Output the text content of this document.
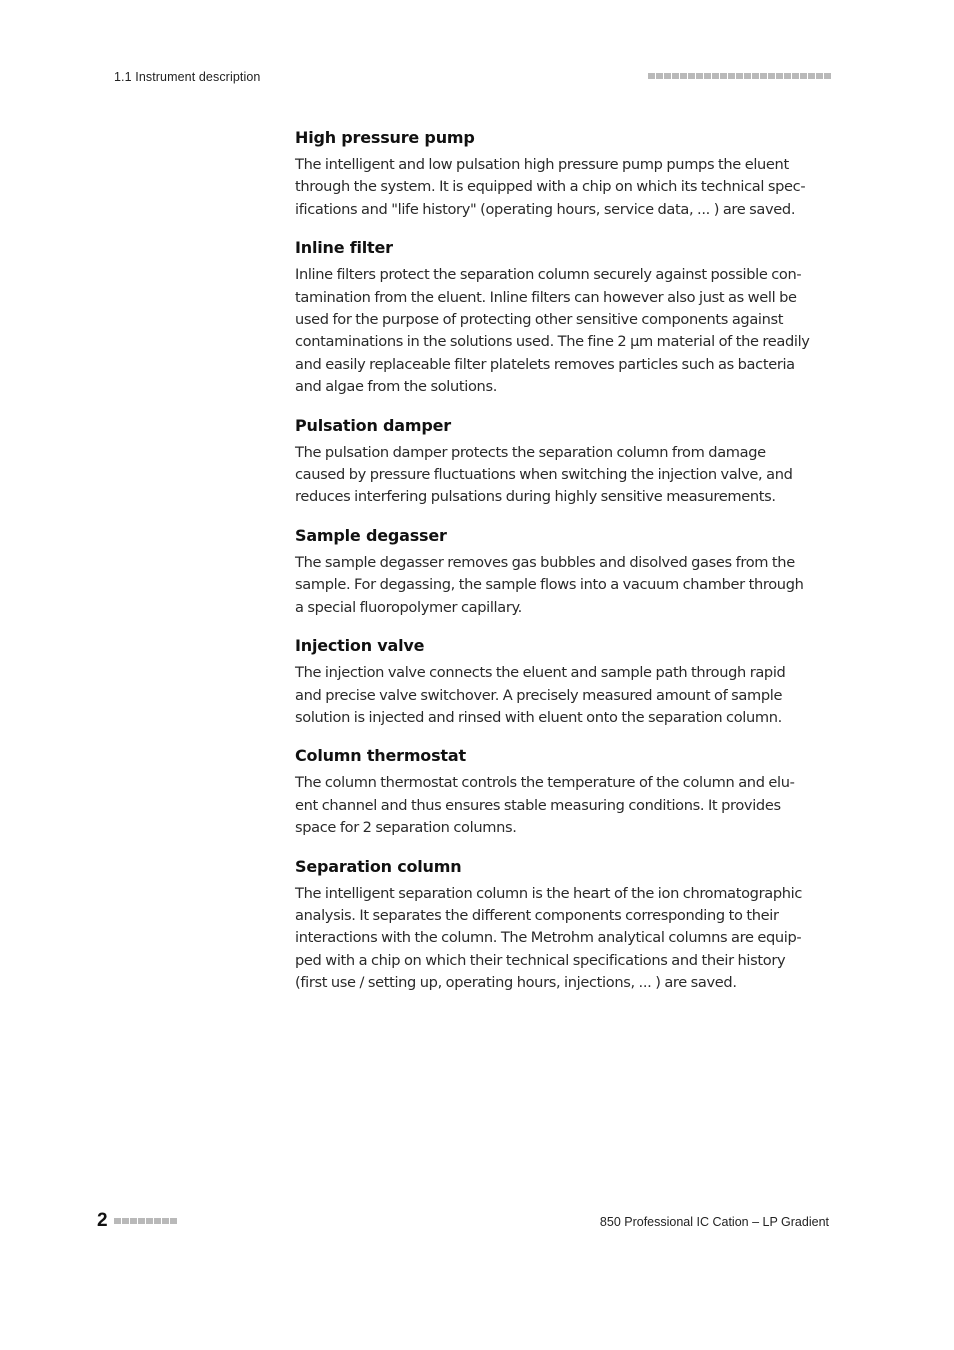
1.1 Instrument description
High pressure pump

The intelligent and low pulsation high pressure pump pumps the eluent
through the system. It is equipped with a chip on which its technical spec-
ifications and "life history" (operating hours, service data, ... ) are saved.

Inline filter

Inline filters protect the separation column securely against possible con-
tamination from the eluent. Inline filters can however also just as well be
used for the purpose of protecting other sensitive components against
contaminations in the solutions used. The fine 2 μm material of the readily
and easily replaceable filter platelets removes particles such as bacteria
and algae from the solutions.

Pulsation damper

The pulsation damper protects the separation column from damage
caused by pressure fluctuations when switching the injection valve, and
reduces interfering pulsations during highly sensitive measurements.

Sample degasser

The sample degasser removes gas bubbles and disolved gases from the
sample. For degassing, the sample flows into a vacuum chamber through
a special fluoropolymer capillary.

Injection valve

The injection valve connects the eluent and sample path through rapid
and precise valve switchover. A precisely measured amount of sample
solution is injected and rinsed with eluent onto the separation column.

Column thermostat

The column thermostat controls the temperature of the column and elu-
ent channel and thus ensures stable measuring conditions. It provides
space for 2 separation columns.

Separation column

The intelligent separation column is the heart of the ion chromatographic
analysis. It separates the different components corresponding to their
interactions with the column. The Metrohm analytical columns are equip-
ped with a chip on which their technical specifications and their history
(first use / setting up, operating hours, injections, ... ) are saved.

2	850 Professional IC Cation – LP Gradient
